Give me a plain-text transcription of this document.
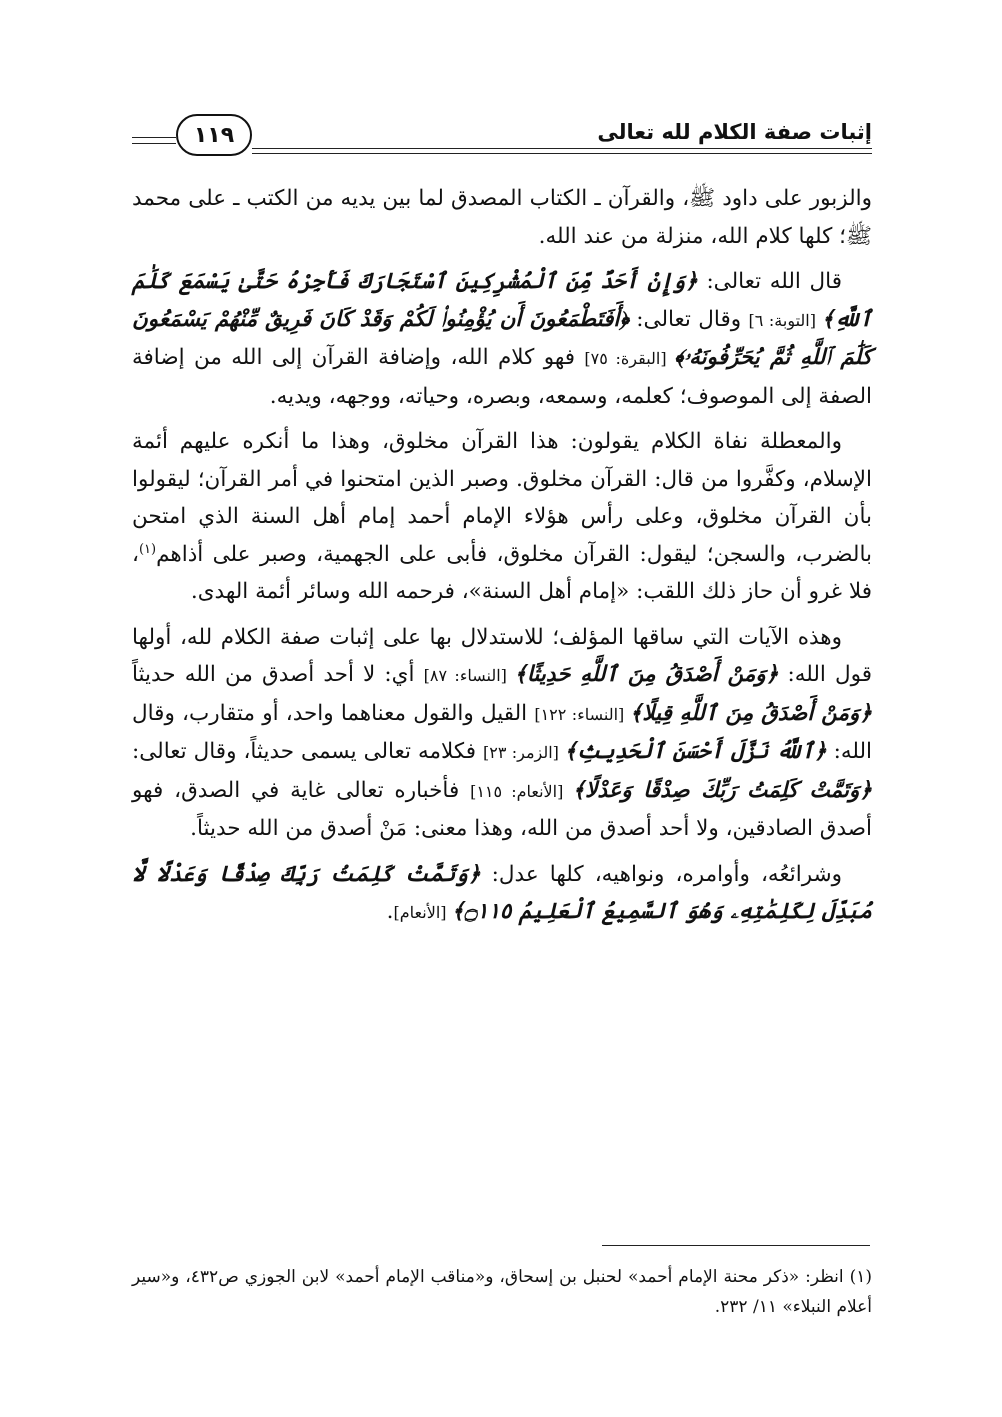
إثبات صفة الكلام لله تعالى
١١٩

والزبور على داود ﷺ، والقرآن ـ الكتاب المصدق لما بين يديه من الكتب ـ على محمد ﷺ؛ كلها كلام الله، منزلة من عند الله.

قال الله تعالى: ﴿وَإِنْ أَحَدٌ مِّنَ ٱلْمُشْرِكِينَ ٱسْتَجَارَكَ فَأَجِرْهُ حَتَّىٰ يَسْمَعَ كَلَٰمَ ٱللَّهِ﴾ [التوبة: ٦] وقال تعالى: ﴿أَفَتَطْمَعُونَ أَن يُؤْمِنُوا۟ لَكُمْ وَقَدْ كَانَ فَرِيقٌ مِّنْهُمْ يَسْمَعُونَ كَلَٰمَ ٱللَّهِ ثُمَّ يُحَرِّفُونَهُۥ﴾ [البقرة: ٧٥] فهو كلام الله، وإضافة القرآن إلى الله من إضافة الصفة إلى الموصوف؛ كعلمه، وسمعه، وبصره، وحياته، ووجهه، ويديه.

والمعطلة نفاة الكلام يقولون: هذا القرآن مخلوق، وهذا ما أنكره عليهم أئمة الإسلام، وكفَّروا من قال: القرآن مخلوق. وصبر الذين امتحنوا في أمر القرآن؛ ليقولوا بأن القرآن مخلوق، وعلى رأس هؤلاء الإمام أحمد إمام أهل السنة الذي امتحن بالضرب، والسجن؛ ليقول: القرآن مخلوق، فأبى على الجهمية، وصبر على أذاهم$^{(١)}$، فلا غرو أن حاز ذلك اللقب: «إمام أهل السنة»، فرحمه الله وسائر أئمة الهدى.

وهذه الآيات التي ساقها المؤلف؛ للاستدلال بها على إثبات صفة الكلام لله، أولها قول الله: ﴿وَمَنْ أَصْدَقُ مِنَ ٱللَّهِ حَدِيثًا﴾ [النساء: ٨٧] أي: لا أحد أصدق من الله حديثاً ﴿وَمَنْ أَصْدَقُ مِنَ ٱللَّهِ قِيلًا﴾ [النساء: ١٢٢] القيل والقول معناهما واحد، أو متقارب، وقال الله: ﴿ٱللَّهُ نَزَّلَ أَحْسَنَ ٱلْحَدِيثِ﴾ [الزمر: ٢٣] فكلامه تعالى يسمى حديثاً، وقال تعالى: ﴿وَتَمَّتْ كَلِمَتُ رَبِّكَ صِدْقًا وَعَدْلًا﴾ [الأنعام: ١١٥] فأخباره تعالى غاية في الصدق، فهو أصدق الصادقين، ولا أحد أصدق من الله، وهذا معنى: مَنْ أصدق من الله حديثاً.

وشرائعُه، وأوامره، ونواهيه، كلها عدل: ﴿وَتَمَّتْ كَلِمَتُ رَبِّكَ صِدْقًا وَعَدْلًا لَّا مُبَدِّلَ لِكَلِمَٰتِهِۦ وَهُوَ ٱلسَّمِيعُ ٱلْعَلِيمُ ۝١١٥﴾ [الأنعام].

(١) انظر: «ذكر محنة الإمام أحمد» لحنبل بن إسحاق، و«مناقب الإمام أحمد» لابن الجوزي ص٤٣٢، و«سير أعلام النبلاء» ١١/ ٢٣٢.
